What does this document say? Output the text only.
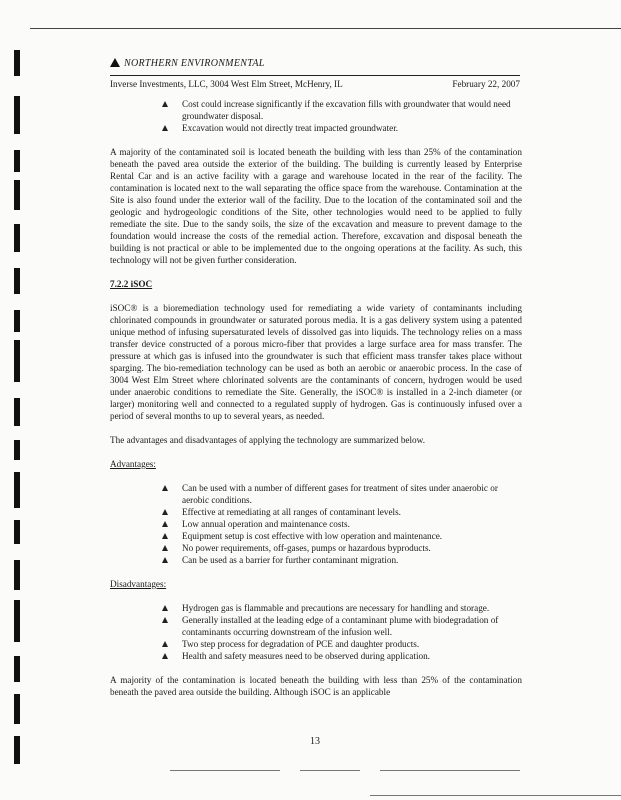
NORTHERN ENVIRONMENTAL
Inverse Investments, LLC, 3004 West Elm Street, McHenry, IL	February 22, 2007
Cost could increase significantly if the excavation fills with groundwater that would need groundwater disposal.
Excavation would not directly treat impacted groundwater.

A majority of the contaminated soil is located beneath the building with less than 25% of the contamination beneath the paved area outside the exterior of the building. The building is currently leased by Enterprise Rental Car and is an active facility with a garage and warehouse located in the rear of the facility. The contamination is located next to the wall separating the office space from the warehouse. Contamination at the Site is also found under the exterior wall of the facility. Due to the location of the contaminated soil and the geologic and hydrogeologic conditions of the Site, other technologies would need to be applied to fully remediate the site. Due to the sandy soils, the size of the excavation and measure to prevent damage to the foundation would increase the costs of the remedial action. Therefore, excavation and disposal beneath the building is not practical or able to be implemented due to the ongoing operations at the facility. As such, this technology will not be given further consideration.

7.2.2 iSOC

iSOC® is a bioremediation technology used for remediating a wide variety of contaminants including chlorinated compounds in groundwater or saturated porous media. It is a gas delivery system using a patented unique method of infusing supersaturated levels of dissolved gas into liquids. The technology relies on a mass transfer device constructed of a porous micro-fiber that provides a large surface area for mass transfer. The pressure at which gas is infused into the groundwater is such that efficient mass transfer takes place without sparging. The bio-remediation technology can be used as both an aerobic or anaerobic process. In the case of 3004 West Elm Street where chlorinated solvents are the contaminants of concern, hydrogen would be used under anaerobic conditions to remediate the Site. Generally, the iSOC® is installed in a 2-inch diameter (or larger) monitoring well and connected to a regulated supply of hydrogen. Gas is continuously infused over a period of several months to up to several years, as needed.

The advantages and disadvantages of applying the technology are summarized below.

Advantages:

Can be used with a number of different gases for treatment of sites under anaerobic or aerobic conditions.
Effective at remediating at all ranges of contaminant levels.
Low annual operation and maintenance costs.
Equipment setup is cost effective with low operation and maintenance.
No power requirements, off-gases, pumps or hazardous byproducts.
Can be used as a barrier for further contaminant migration.

Disadvantages:

Hydrogen gas is flammable and precautions are necessary for handling and storage.
Generally installed at the leading edge of a contaminant plume with biodegradation of contaminants occurring downstream of the infusion well.
Two step process for degradation of PCE and daughter products.
Health and safety measures need to be observed during application.

A majority of the contamination is located beneath the building with less than 25% of the contamination beneath the paved area outside the building. Although iSOC is an applicable

13
